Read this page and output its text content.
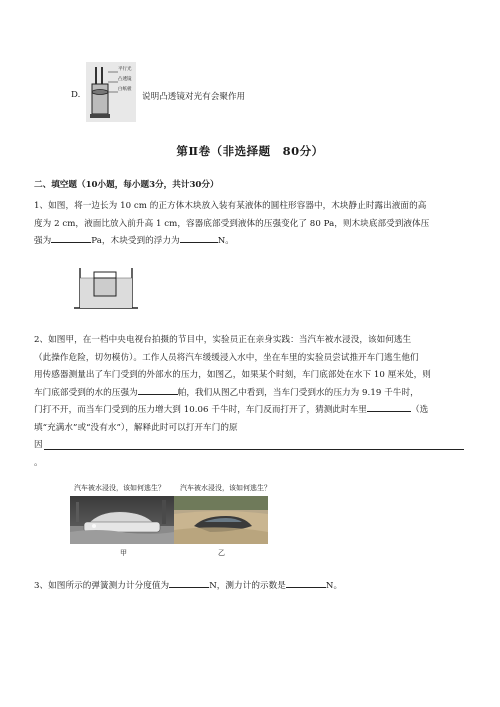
D.
平行光
凸透镜
白纸板
说明凸透镜对光有会聚作用
第Ⅱ卷（非选择题　80分）
二、填空题（10小题，每小题3分，共计30分）
1、如图，将一边长为 10 cm 的正方体木块放入装有某液体的圆柱形容器中，木块静止时露出液面的高
度为 2 cm，液面比放入前升高 1 cm，容器底部受到液体的压强变化了 80 Pa，则木块底部受到液体压
强为	Pa，木块受到的浮力为	N。
2、如图甲，在一档中央电视台拍摄的节目中，实验员正在亲身实践：当汽车被水浸没，该如何逃生
（此操作危险，切勿模仿）。工作人员将汽车缓缓浸入水中，坐在车里的实验员尝试推开车门逃生他们
用传感器测量出了车门受到的外部水的压力，如图乙，如果某个时刻，车门底部处在水下 10 厘米处，则
车门底部受到的水的压强为	帕，我们从图乙中看到，当车门受到水的压力为 9.19 千牛时，
门打不开，而当车门受到的压力增大到 10.06 千牛时，车门反而打开了，猜测此时车里	（选
填“充满水”或“没有水”），解释此时可以打开车门的原
因
。
汽车被水浸没，该如何逃生？ 汽车被水浸没，该如何逃生？
甲	乙
3、如图所示的弹簧测力计分度值为	N，测力计的示数是	N。
